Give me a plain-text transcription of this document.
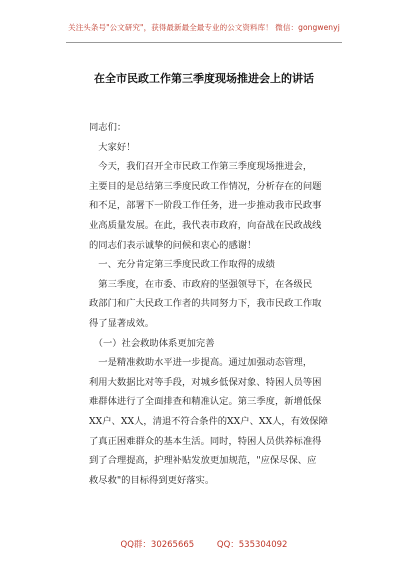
关注头条号"公文研究"，获得最新最全最专业的公文资料库！ 微信：gongwenyj
在全市民政工作第三季度现场推进会上的讲话

同志们：
　大家好！
　今天，我们召开全市民政工作第三季度现场推进会，
主要目的是总结第三季度民政工作情况，分析存在的问题
和不足，部署下一阶段工作任务，进一步推动我市民政事
业高质量发展。在此，我代表市政府，向奋战在民政战线
的同志们表示诚挚的问候和衷心的感谢！
　一、充分肯定第三季度民政工作取得的成绩
　第三季度，在市委、市政府的坚强领导下，在各级民
政部门和广大民政工作者的共同努力下，我市民政工作取
得了显著成效。
　（一）社会救助体系更加完善
　一是精准救助水平进一步提高。通过加强动态管理，
利用大数据比对等手段，对城乡低保对象、特困人员等困
难群体进行了全面排查和精准认定。第三季度，新增低保
XX户、XX人，清退不符合条件的XX户、XX人，有效保障
了真正困难群众的基本生活。同时，特困人员供养标准得
到了合理提高，护理补贴发放更加规范，"应保尽保、应
救尽救"的目标得到更好落实。

QQ群：30265665	QQ：535304092
